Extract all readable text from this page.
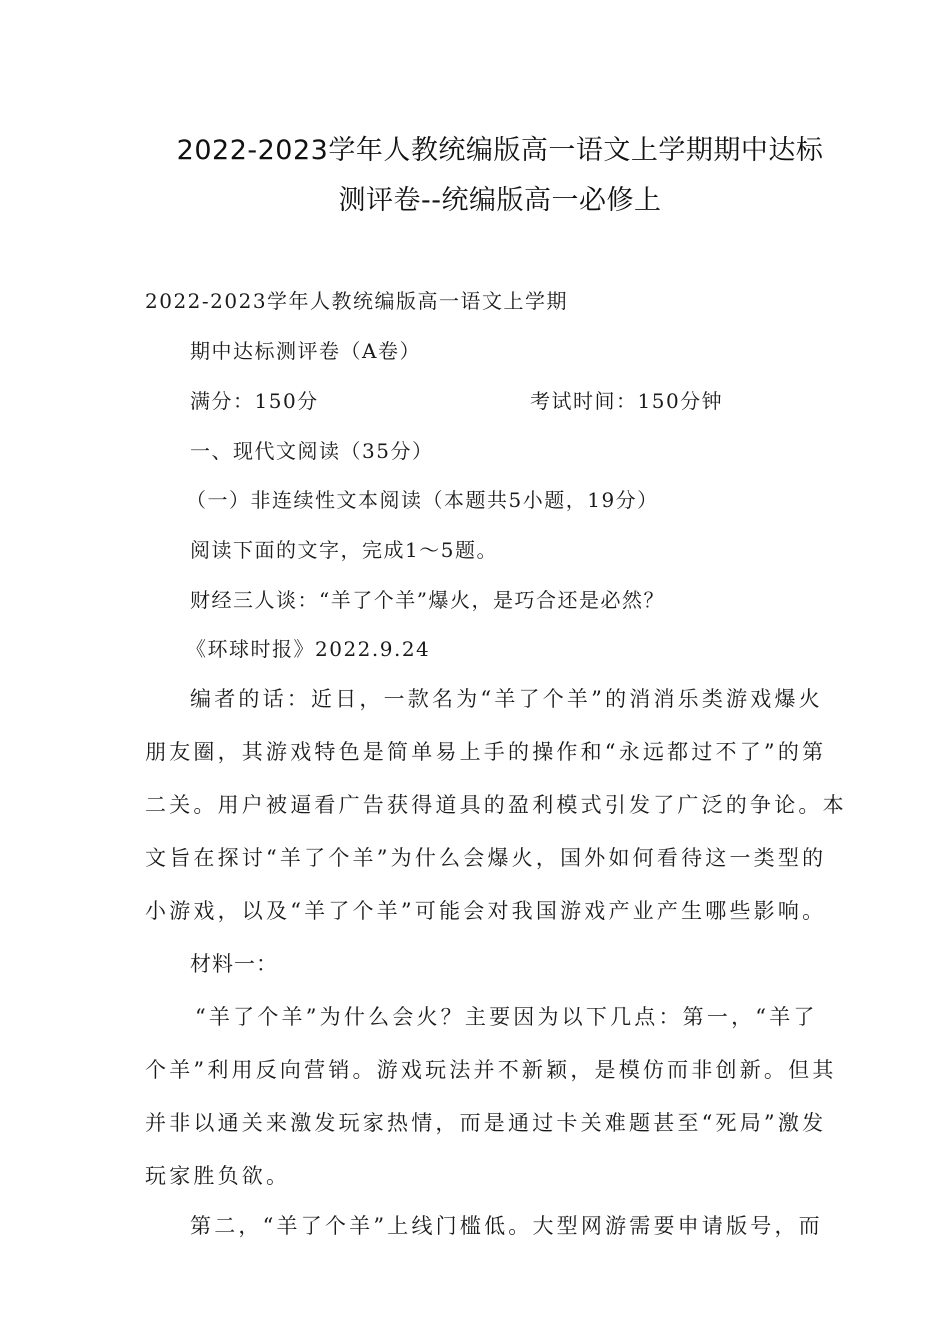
2022-2023学年人教统编版高一语文上学期期中达标
测评卷--统编版高一必修上
2022-2023学年人教统编版高一语文上学期
期中达标测评卷（A卷）
满分：150分	考试时间：150分钟
一、现代文阅读（35分）
（一）非连续性文本阅读（本题共5小题，19分）
阅读下面的文字，完成1～5题。
财经三人谈：“羊了个羊”爆火，是巧合还是必然？
《环球时报》2022.9.24
编者的话：近日，一款名为“羊了个羊”的消消乐类游戏爆火
朋友圈，其游戏特色是简单易上手的操作和“永远都过不了”的第
二关。用户被逼看广告获得道具的盈利模式引发了广泛的争论。本
文旨在探讨“羊了个羊”为什么会爆火，国外如何看待这一类型的
小游戏，以及“羊了个羊”可能会对我国游戏产业产生哪些影响。
材料一：
“羊了个羊”为什么会火？主要因为以下几点：第一，“羊了
个羊”利用反向营销。游戏玩法并不新颖，是模仿而非创新。但其
并非以通关来激发玩家热情，而是通过卡关难题甚至“死局”激发
玩家胜负欲。
第二，“羊了个羊”上线门槛低。大型网游需要申请版号，而
